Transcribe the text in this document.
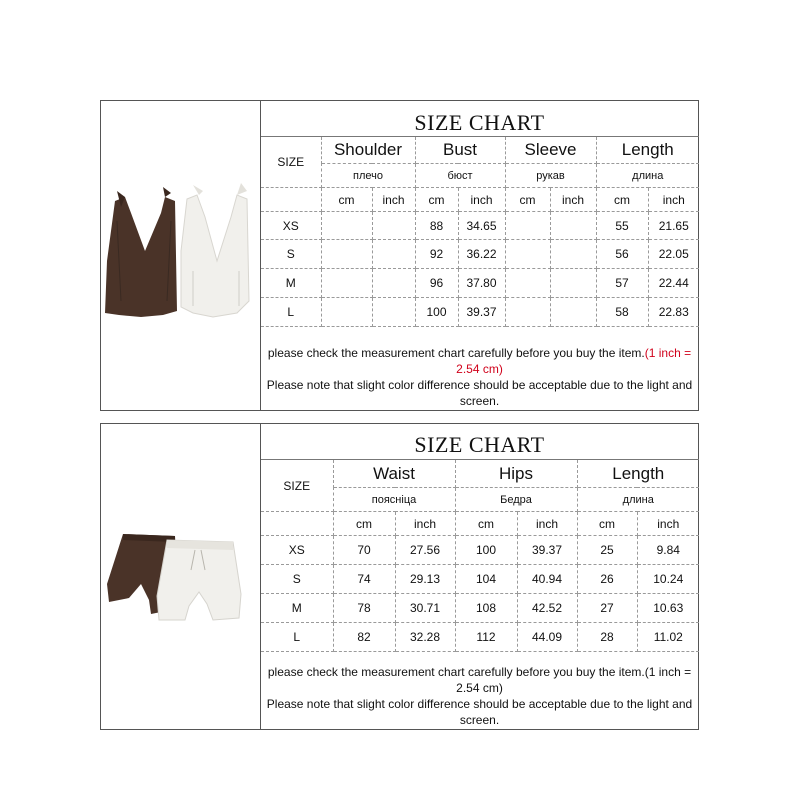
SIZE CHART
SIZE	Shoulder		Bust		Sleeve		Length	
	плечо		бюст		рукав		длина	
	cm	inch	cm	inch	cm	inch	cm	inch
XS			88	34.65			55	21.65
S			92	36.22			56	22.05
M			96	37.80			57	22.44
L			100	39.37			58	22.83
please check the measurement chart carefully before you buy the item.(1 inch = 2.54 cm)
Please note that slight color difference should be acceptable due to the light and screen.
SIZE CHART
SIZE	Waist		Hips		Length	
	пояснiца		Бедра		длина	
	cm	inch	cm	inch	cm	inch
XS	70	27.56	100	39.37	25	9.84
S	74	29.13	104	40.94	26	10.24
M	78	30.71	108	42.52	27	10.63
L	82	32.28	112	44.09	28	11.02
please check the measurement chart carefully before you buy the item.(1 inch = 2.54 cm)
Please note that slight color difference should be acceptable due to the light and screen.
